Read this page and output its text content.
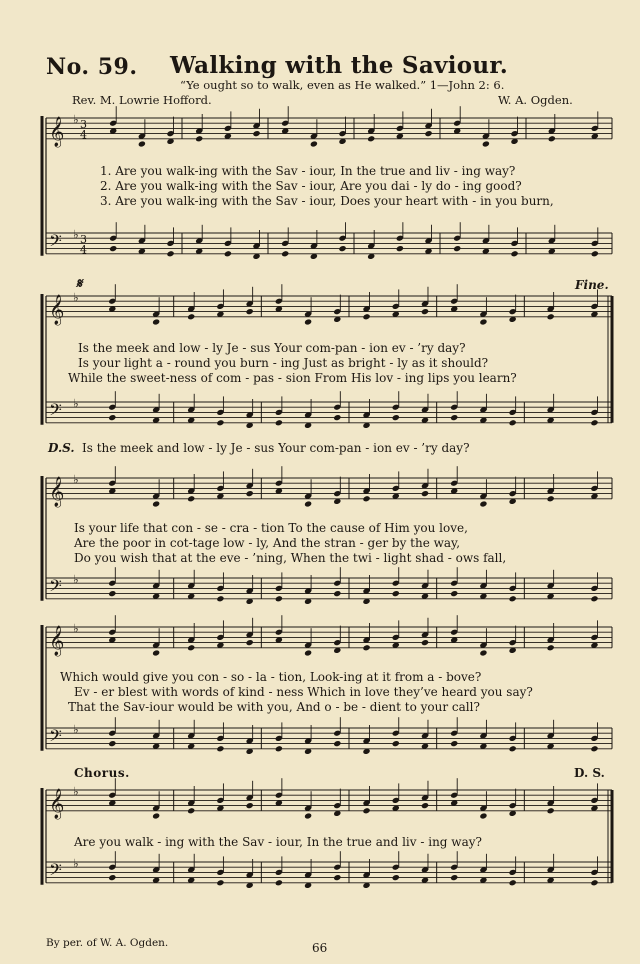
No. 59. Walking with the Saviour.
“Ye ought so to walk, even as He walked.” 1—John 2: 6.
Rev. M. Lowrie Hofford.	W. A. Ogden.
𝄞 ♭
𝄢 ♭
3
4
3
4
𝄞 ♭
𝄢 ♭
𝄞 ♭
𝄢 ♭
𝄞 ♭
𝄢 ♭
𝄞 ♭
𝄢 ♭
𝄋	Fine.
Chorus.	D. S.
1. Are you walk-ing with the Sav - iour, In the true and liv - ing way?
2. Are you walk-ing with the Sav - iour, Are you dai - ly do - ing good?
3. Are you walk-ing with the Sav - iour, Does your heart with - in you burn,
Is the meek and low - ly Je - sus Your com-pan - ion ev - ’ry day?
Is your light a - round you burn - ing Just as bright - ly as it should?
While the sweet-ness of com - pas - sion From His lov - ing lips you learn?
D.S. Is the meek and low - ly Je - sus Your com-pan - ion ev - ’ry day?
Is your life that con - se - cra - tion To the cause of Him you love,
Are the poor in cot-tage low - ly, And the stran - ger by the way,
Do you wish that at the eve - ’ning, When the twi - light shad - ows fall,
Which would give you con - so - la - tion, Look-ing at it from a - bove?
Ev - er blest with words of kind - ness Which in love they’ve heard you say?
That the Sav-iour would be with you, And o - be - dient to your call?
Are you walk - ing with the Sav - iour, In the true and liv - ing way?
By per. of W. A. Ogden.	66
